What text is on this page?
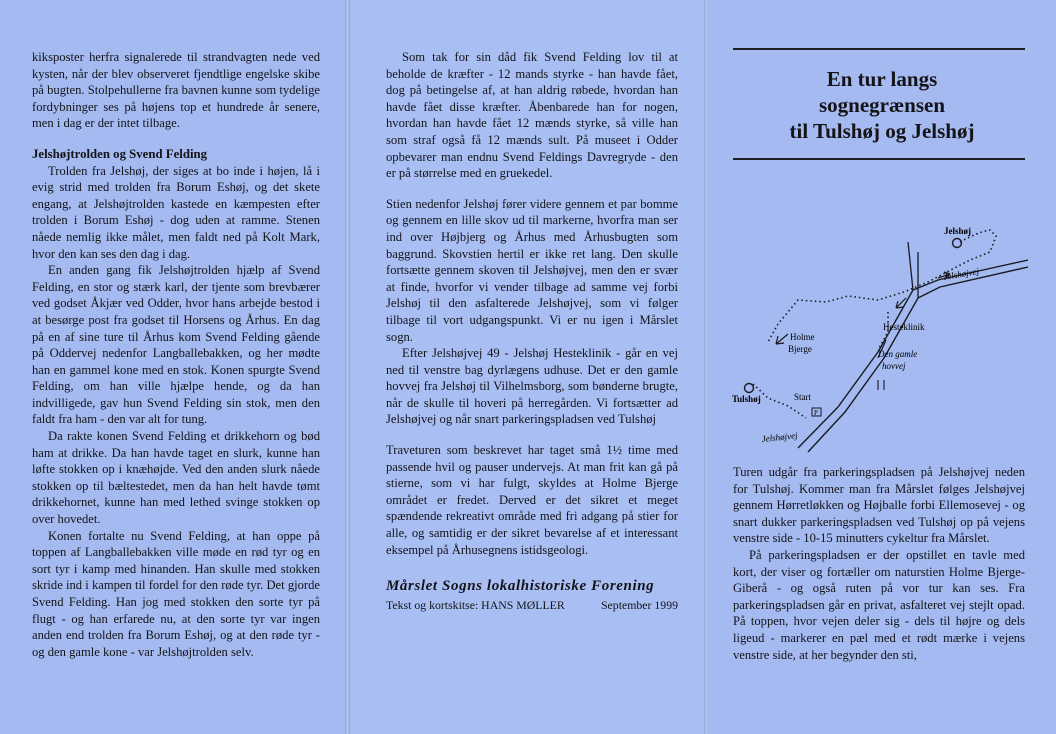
kiksposter herfra signalerede til strandvagten nede ved kysten, når der blev observeret fjendtlige engelske skibe på bugten. Stolpehullerne fra bavnen kunne som tydelige fordybninger ses på højens top et hundrede år senere, men i dag er der intet tilbage.

Jelshøjtrolden og Svend Felding

Trolden fra Jelshøj, der siges at bo inde i højen, lå i evig strid med trolden fra Borum Eshøj, og det skete engang, at Jelshøjtrolden kastede en kæmpesten efter trolden i Borum Eshøj - dog uden at ramme. Stenen nåede nemlig ikke målet, men faldt ned på Kolt Mark, hvor den kan ses den dag i dag.

En anden gang fik Jelshøjtrolden hjælp af Svend Felding, en stor og stærk karl, der tjente som brevbærer ved godset Åkjær ved Odder, hvor hans arbejde bestod i at besørge post fra godset til Horsens og Århus. En dag på en af sine ture til Århus kom Svend Felding gående på Oddervej nedenfor Langballebakken, og her mødte han en gammel kone med en stok. Konen spurgte Svend Felding, om han ville hjælpe hende, og da han indvilligede, gav hun Svend Felding sin stok, men den faldt fra ham - den var alt for tung.

Da rakte konen Svend Felding et drikkehorn og bød ham at drikke. Da han havde taget en slurk, kunne han løfte stokken op i knæhøjde. Ved den anden slurk nåede stokken op til bæltestedet, men da han helt havde tømt drikkehornet, kunne han med lethed svinge stokken op over hovedet.

Konen fortalte nu Svend Felding, at han oppe på toppen af Langballebakken ville møde en rød tyr og en sort tyr i kamp med hinanden. Han skulle med stokken skride ind i kampen til fordel for den røde tyr. Det gjorde Svend Felding. Han jog med stokken den sorte tyr på flugt - og han erfarede nu, at den sorte tyr var ingen anden end trolden fra Borum Eshøj, og at den røde tyr - og den gamle kone - var Jelshøjtrolden selv.

Som tak for sin dåd fik Svend Felding lov til at beholde de kræfter - 12 mands styrke - han havde fået, dog på betingelse af, at han aldrig røbede, hvordan han havde fået disse kræfter. Åbenbarede han for nogen, hvordan han havde fået 12 mænds styrke, så ville han som straf også få 12 mænds sult. På museet i Odder opbevarer man endnu Svend Feldings Davregryde - den er på størrelse med en gruekedel.

Stien nedenfor Jelshøj fører videre gennem et par bomme og gennem en lille skov ud til markerne, hvorfra man ser ind over Højbjerg og Århus med Århusbugten som baggrund. Skovstien hertil er ikke ret lang. Den skulle fortsætte gennem skoven til Jelshøjvej, men den er svær at finde, hvorfor vi vender tilbage ad samme vej forbi Jelshøj til den asfalterede Jelshøjvej, som vi følger tilbage til vort udgangspunkt. Vi er nu igen i Mårslet sogn.

Efter Jelshøjvej 49 - Jelshøj Hesteklinik - går en vej ned til venstre bag dyrlægens udhuse. Det er den gamle hovvej fra Jelshøj til Vilhelmsborg, som bønderne brugte, når de skulle til hoveri på herregården. Vi fortsætter ad Jelshøjvej og når snart parkeringspladsen ved Tulshøj

Traveturen som beskrevet har taget små 1½ time med passende hvil og pauser undervejs. At man frit kan gå på stierne, som vi har fulgt, skyldes at Holme Bjerge området er fredet. Derved er det sikret et meget spændende rekreativt område med fri adgang på stier for alle, og samtidig er der sikret bevarelse af et interessant eksempel på Århusegnens istidsgeologi.

Mårslet Sogns lokalhistoriske Forening
Tekst og kortskitse: HANS MØLLER	September 1999
En tur langs
sognegrænsen
til Tulshøj og Jelshøj
Jelshøj
Jelshøjvej
Hesteklinik
Holme
Bjerge	Den gamle
hovvej
Tulshøj	Start
P
Jelshøjvej

Turen udgår fra parkeringspladsen på Jelshøjvej neden for Tulshøj. Kommer man fra Mårslet følges Jelshøjvej gennem Hørretløkken og Højballe forbi Ellemosevej - og snart dukker parkeringspladsen ved Tulshøj op på vejens venstre side - 10-15 minutters cykeltur fra Mårslet.

På parkeringspladsen er der opstillet en tavle med kort, der viser og fortæller om naturstien Holme Bjerge-Giberå - og også ruten på vor tur kan ses. Fra parkeringspladsen går en privat, asfalteret vej stejlt opad. På toppen, hvor vejen deler sig - dels til højre og dels ligeud - markerer en pæl med et rødt mærke i vejens venstre side, at her begynder den sti,
